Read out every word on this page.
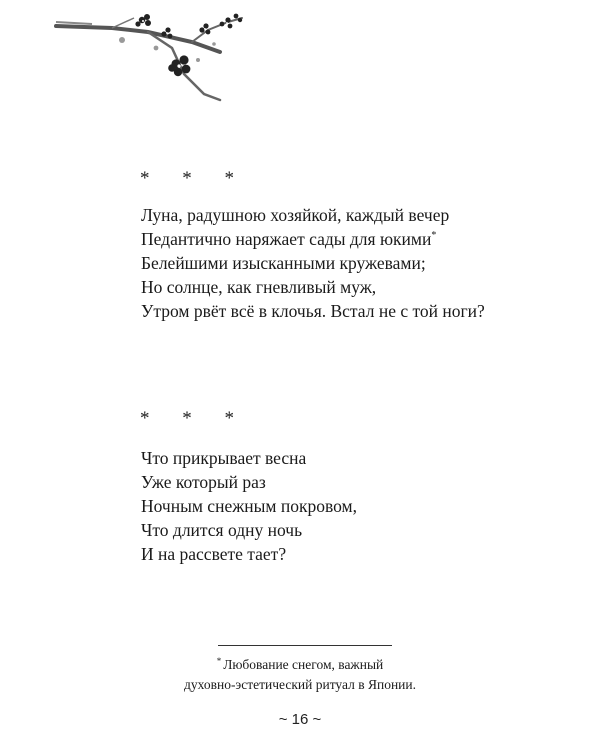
* * *
Луна, радушною хозяйкой, каждый вечер
Педантично наряжает сады для юкими*
Белейшими изысканными кружевами;
Но солнце, как гневливый муж,
Утром рвёт всё в клочья. Встал не с той ноги?
* * *
Что прикрывает весна
Уже который раз
Ночным снежным покровом,
Что длится одну ночь
И на рассвете тает?
* Любование снегом, важный
духовно-эстетический ритуал в Японии.
~ 16 ~
